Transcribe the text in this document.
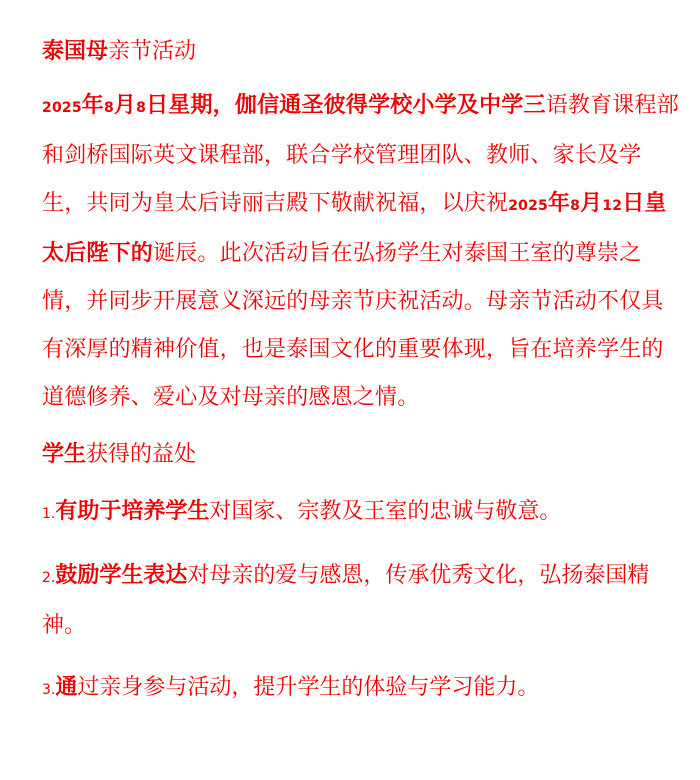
泰国母亲节活动
2025年8月8日星期，伽信通圣彼得学校小学及中学三语教育课程部和剑桥国际英文课程部，联合学校管理团队、教师、家长及学生，共同为皇太后诗丽吉殿下敬献祝福，以庆祝2025年8月12日皇太后陛下的诞辰。此次活动旨在弘扬学生对泰国王室的尊崇之情，并同步开展意义深远的母亲节庆祝活动。母亲节活动不仅具有深厚的精神价值，也是泰国文化的重要体现，旨在培养学生的道德修养、爱心及对母亲的感恩之情。
学生获得的益处
1.有助于培养学生对国家、宗教及王室的忠诚与敬意。
2.鼓励学生表达对母亲的爱与感恩，传承优秀文化，弘扬泰国精神。
3.通过亲身参与活动，提升学生的体验与学习能力。
